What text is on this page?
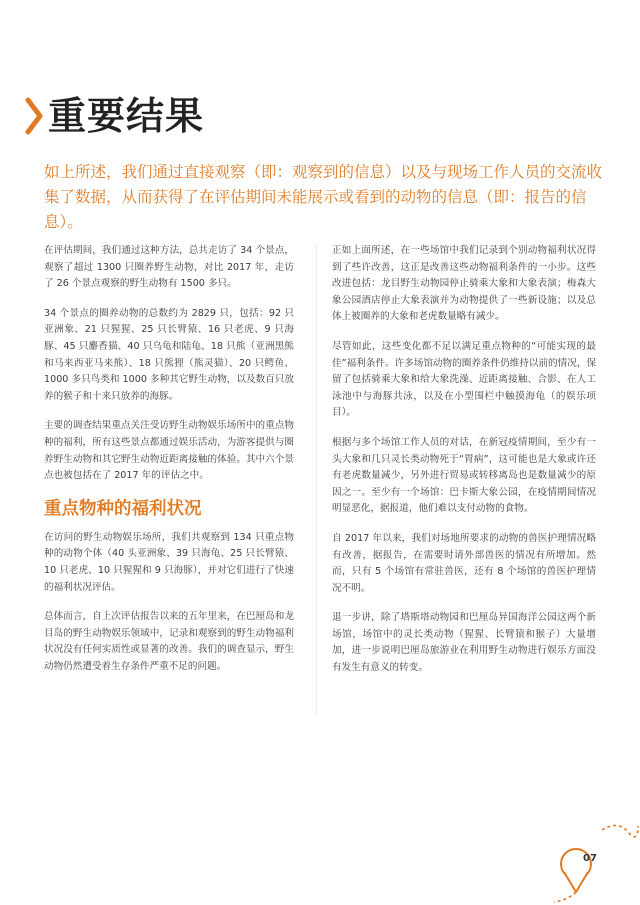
重要结果

如上所述，我们通过直接观察（即：观察到的信息）以及与现场工作人员的交流收集了数据，从而获得了在评估期间未能展示或看到的动物的信息（即：报告的信息）。

在评估期间，我们通过这种方法，总共走访了 34 个景点，观察了超过 1300 只圈养野生动物，对比 2017 年，走访了 26 个景点观察的野生动物有 1500 多只。

34 个景点的圈养动物的总数约为 2829 只，包括：92 只亚洲象、21 只猩猩、25 只长臂猿、16 只老虎、9 只海豚、45 只麝香猫、40 只乌龟和陆龟、18 只熊（亚洲黑熊和马来西亚马来熊）、18 只熊狸（熊灵猫）、20 只鳄鱼、1000 多只鸟类和 1000 多种其它野生动物，以及数百只放养的猴子和十来只放养的海豚。

主要的调查结果重点关注受访野生动物娱乐场所中的重点物种的福利，所有这些景点都通过娱乐活动，为游客提供与圈养野生动物和其它野生动物近距离接触的体验。其中六个景点也被包括在了 2017 年的评估之中。

重点物种的福利状况

在访问的野生动物娱乐场所，我们共观察到 134 只重点物种的动物个体（40 头亚洲象、39 只海龟、25 只长臂猿、10 只老虎、10 只猩猩和 9 只海豚），并对它们进行了快速的福利状况评估。

总体而言，自上次评估报告以来的五年里来，在巴厘岛和龙目岛的野生动物娱乐领域中，记录和观察到的野生动物福利状况没有任何实质性或显著的改善。我们的调查显示，野生动物仍然遭受着生存条件严重不足的问题。

正如上面所述，在一些场馆中我们记录到个别动物福利状况得到了些许改善，这正是改善这些动物福利条件的一小步。这些改进包括：龙目野生动物园停止骑乘大象和大象表演；梅森大象公园酒店停止大象表演并为动物提供了一些新设施；以及总体上被圈养的大象和老虎数量略有减少。

尽管如此，这些变化都不足以满足重点物种的“可能实现的最佳”福利条件。许多场馆动物的圈养条件仍维持以前的情况，保留了包括骑乘大象和给大象洗澡、近距离接触、合影、在人工泳池中与海豚共泳，以及在小型围栏中触摸海龟（的娱乐项目）。

根据与多个场馆工作人员的对话，在新冠疫情期间，至少有一头大象和几只灵长类动物死于“胃病”，这可能也是大象或许还有老虎数量减少，另外进行贸易或转移离岛也是数量减少的原因之一。至少有一个场馆：巴卡斯大象公园，在疫情期间情况明显恶化，据报道，他们难以支付动物的食物。

自 2017 年以来，我们对场地所要求的动物的兽医护理情况略有改善，据报告，在需要时请外部兽医的情况有所增加。然而，只有 5 个场馆有常驻兽医，还有 8 个场馆的兽医护理情况不明。

退一步讲，除了塔斯塔动物园和巴厘岛异国海洋公园这两个新场馆，场馆中的灵长类动物（猩猩、长臂猿和猴子）大量增加，进一步说明巴厘岛旅游业在利用野生动物进行娱乐方面没有发生有意义的转变。

07
